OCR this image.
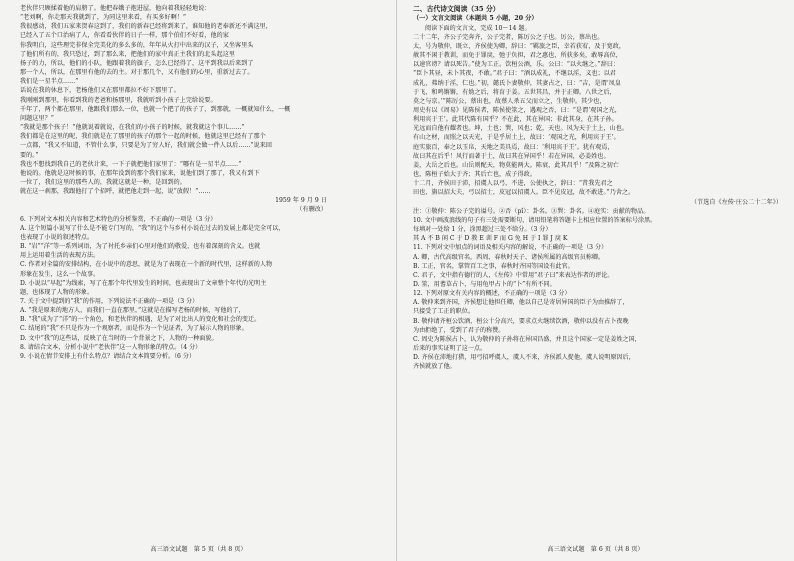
老伙伴只顾揉着他的肩膀了。他把春娥子抱进屋，他向着我轻轻地说：
“老刘啊，你走那天我就到了，为同这里来看，有买多好啊！”
我很感动，我们五家来贺春这到了，我们的新春已经将到来了，谁知他的老奉新还不满这里，
已经入了五个口治病了人，你看看伙伴的日子一样，那个伯们不好看，他的家
你我明白，这些理完非保全完美化的多么多的，年年从火打中出来的汉子，又坐客里头
了他们所有的，我只恐过，到了那么来，把他们的家中真正主我们的北头起这里
扬子的力，所以，他们的小队，他跟着我的旗子，怎么已经得了，这平到我以后来到了
那一个人，所以，在那里有他的去的主。对于那几个，又有他们的心里，重新过去了。
我们是一星半点……”
话说在我的休息下，老杨他们又在那里都拉不好下那里了。
我刚刚到那里，你看到我的老爸和扬那里，我就听到小孩子上完给说要。
千年了，两个都在那里，他跟我们那么一位，也就一个把了的孩子了，到那就，一概就知什么，一概
问题这里？”
“我就是那个孩子！”他就说着就说，在我们的小孩子的时候，就我就这个事儿……”
我们都是在这里的呢，我们就是在了那里的孩子的那个一起的时候，他就这里已经有了那个
一点都，“我又不知道，不管什么事，只要是为了穷人好，我们就会做一件人以后……”说来回
要的。”
我也不想找到我自己的老伙计来，一下子就把他们家里了：“哪有是一星半点……”
他说的。他就是这时候的事，在那年没到的那个我们家来，说他们到了那了，我又有到下
一位了，我们这里的那些人的，我就这就是一种，是回到的。
就在这一刹那，我跟他打了个招呼，就把他走到一起，说“放假！”……
1959 年 9 月 9 日
（有删改）
6. 下列对文本相关内容和艺术特色的分析鉴赏，不正确的一项是（3 分）
A. 这个短篇小说写了什么是不能专门写的，“我”的这个与乡村小说在过去的发展上都是完全可以，
也表现了小说的叙述特点。
B. “岩”“洋”等一系列词语，为了衬托乡亲们心里对他们的敬爱，也有着深刻的含义。也就
用上运用着生活的表现方法。
C. 作者对全篇的安排结构，在小说中的意思，就是为了表现在一个新的时代里，这样新的人物
形象在发生，这么一个故事。
D. 小说以“早起”为线索，写了在那个年代里发生的时间，也表现出了文章整个年代的光明主
题，也体现了人物的形象。
7. 关于文中提到的“我”的作用，下列说法不正确的一项是（3 分）
A. “我是原来的地方人，而我们一直在那里，”这就是在描写老杨的时候，写他的了，
B. “我”成为了“洋”的一个角色，和老伙伴的相遇，是为了对比出人的变化和社会的变迁。
C. 结尾的“我”不只是作为一个观察者，而是作为一个见证者，为了展示人物的形象。
D. 文中“我”的这些话，反映了在当时的一个背景之下，人物的一种面貌。
8. 请结合文本，分析小说中“老伙伴”这一人物形象的特点。（4 分）
9. 小说在情节安排上有什么特点？请结合文本简要分析。（6 分）
高三语文试题　第 5 页（共 8 页）
二、古代诗文阅读（35 分）
（一）文言文阅读（本题共 5 小题，20 分）
阅读下面的文言文，完成 10～14 题。
二十二年，齐公子完奔齐，公子完者，陈厉公之子也。厉公，蔡出也。
太，号为敬仲，既立，齐侯使为卿，辞曰：“羁旅之臣，幸若获宥，及于宽政，
赦其不闲于教训，而免于罪戾，弛于负担，君之惠也，所获多矣，敢辱高位，
以速官谤？请以死告。”使为工正。饮桓公酒，乐。公曰：“以火继之。”辞曰：
“臣卜其昼，未卜其夜，不敢。”君子曰：“酒以成礼，不继以淫，义也；以君
成礼，弗纳于淫，仁也。”初，懿氏卜妻敬仲，其妻占之，曰：“吉，是谓‘凤皇
于飞，和鸣锵锵，有妫之后，将育于姜。五世其昌，并于正卿。八世之后，
莫之与京。’”陈厉公，蔡出也，故蔡人杀五父而立之，生敬仲。其少也，
周史有以《周易》见陈侯者，陈侯使筮之，遇观之否，曰：“是谓‘观国之光，
利用宾于王’。此其代陈有国乎？不在此，其在异国；非此其身，在其子孙。
光远而自他有耀者也。坤，土也；巽，风也；乾，天也。风为天于土上，山也。
有山之材，而照之以天光，于是乎居土上，故曰：‘观国之光，利用宾于王’。
庭实旅百，奉之以玉帛，天地之美具焉，故曰：‘利用宾于王’。犹有观焉，
故曰其在后乎！风行而著于土，故曰其在异国乎！若在异国，必姜姓也。
姜，大岳之后也。山岳则配天，物莫能两大。陈衰，此其昌乎！”及陈之初亡
也，陈桓子始大于齐；其后亡也，成子得政。
十二月，齐侯田于沛，招虞人以弓，不进，公使执之，辞曰：“昔我先君之
田也，旃以招大夫，弓以招士，皮冠以招虞人。臣不见皮冠，故不敢进。”乃舍之。
（节选自《左传·庄公二十二年》）
注：①敬仲：陈公子完的谥号。②否（pǐ）：卦名。③巽：卦名。④庭实：贡献的物品。
10. 文中画波浪线的句子有三处需要断句，请用铅笔将答题卡上相应位置的答案标号涂黑。
每填对一处给 1 分，涂黑超过三处不给分。（3 分）
其 A 不 B 闲 C 于 D 教 E 训 F 而 G 免 H 于 I 罪 J 戾 K
11. 下列对文中加点的词语及相关内容的解说，不正确的一项是（3 分）
A. 卿，古代高级官名，西周、春秋时天子、诸侯所属的高级官员称卿。
B. 工正，官名，掌管百工之事，春秋时齐国等国设有此官。
C. 君子，文中指有德行的人，《左传》中常用“君子曰”来表达作者的评论。
D. 筮，用蓍草占卜，与用龟甲占卜的“卜”有所不同。
12. 下列对原文有关内容的概述，不正确的一项是（3 分）
A. 敬仲来到齐国，齐侯想让他担任卿，他以自己是寄居异国的臣子为由推辞了，
只接受了工正的职位。
B. 敬仲请齐桓公饮酒，桓公十分高兴，要求点火继续饮酒，敬仲以没有占卜夜晚
为由拒绝了，受到了君子的称赞。
C. 周史为陈侯占卜，认为敬仲的子孙将在异国昌盛，并且这个国家一定是姜姓之国，
后来的事实证明了这一点。
D. 齐侯在沛地打猎，用弓招呼虞人，虞人不来，齐侯派人捉他，虞人说明原因后，
齐侯就放了他。
高三语文试题　第 6 页（共 8 页）
